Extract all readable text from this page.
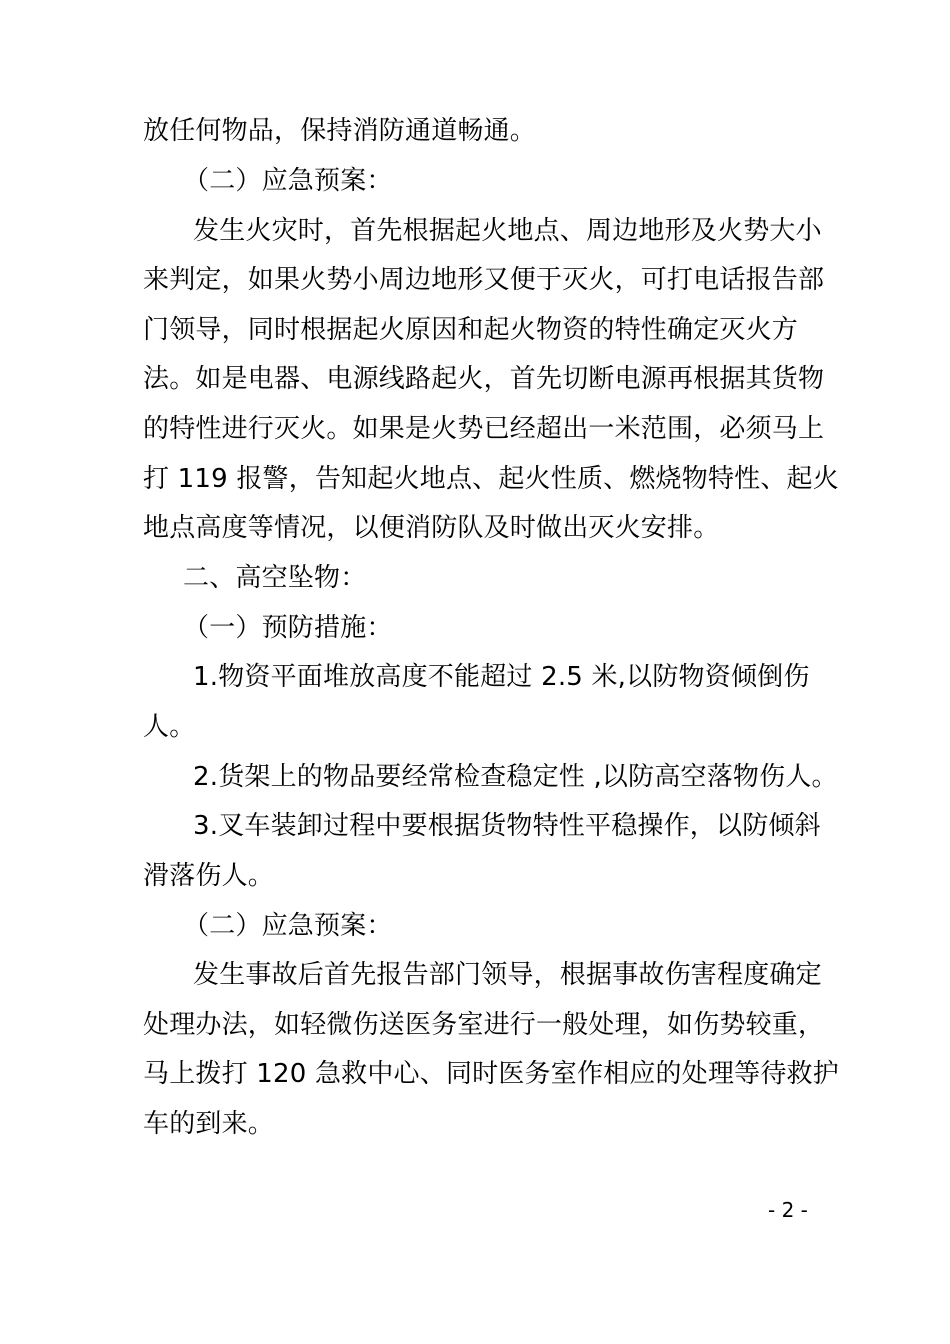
放任何物品，保持消防通道畅通。
（二）应急预案：
发生火灾时，首先根据起火地点、周边地形及火势大小
来判定，如果火势小周边地形又便于灭火，可打电话报告部
门领导，同时根据起火原因和起火物资的特性确定灭火方
法。如是电器、电源线路起火，首先切断电源再根据其货物
的特性进行灭火。如果是火势已经超出一米范围，必须马上
打 119 报警，告知起火地点、起火性质、燃烧物特性、起火
地点高度等情况，以便消防队及时做出灭火安排。
二、高空坠物：
（一）预防措施：
1.物资平面堆放高度不能超过 2.5 米,以防物资倾倒伤
人。
2.货架上的物品要经常检查稳定性 ,以防高空落物伤人。
3.叉车装卸过程中要根据货物特性平稳操作，以防倾斜
滑落伤人。
（二）应急预案：
发生事故后首先报告部门领导，根据事故伤害程度确定
处理办法，如轻微伤送医务室进行一般处理，如伤势较重，
马上拨打 120 急救中心、同时医务室作相应的处理等待救护
车的到来。
- 2 -
